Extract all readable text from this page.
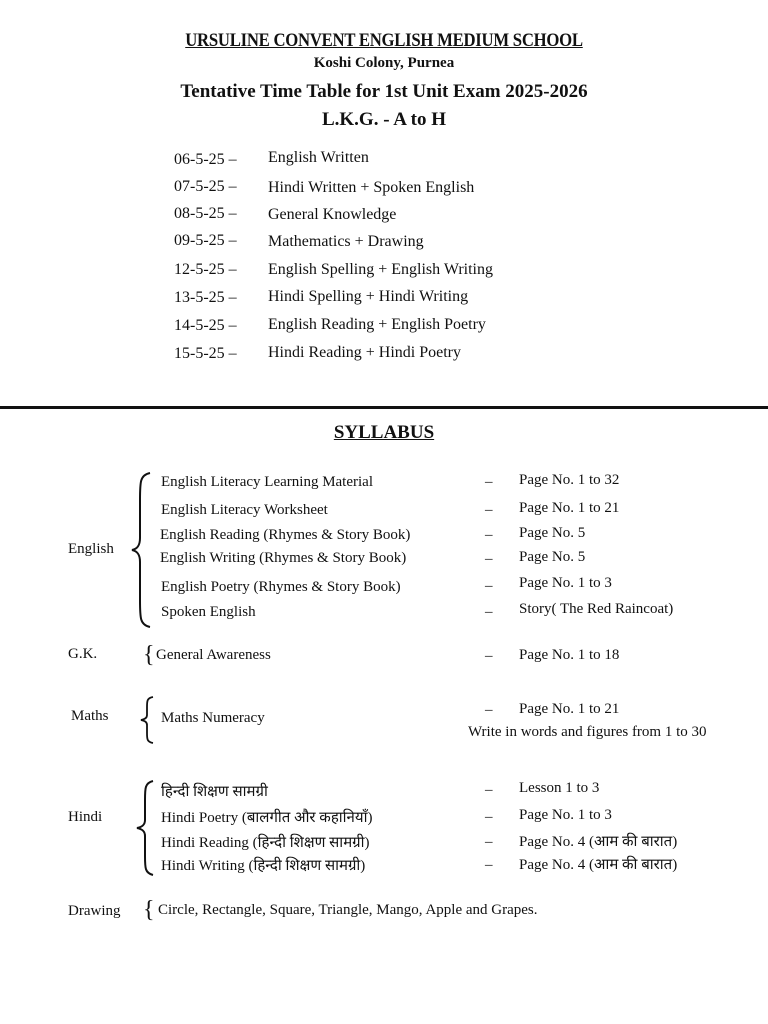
URSULINE CONVENT ENGLISH MEDIUM SCHOOL
Koshi Colony, Purnea
Tentative Time Table for 1st Unit Exam 2025-2026
L.K.G. - A to H
06-5-25 – English Written
07-5-25 – Hindi Written + Spoken English
08-5-25 – General Knowledge
09-5-25 – Mathematics + Drawing
12-5-25 – English Spelling + English Writing
13-5-25 – Hindi Spelling + Hindi Writing
14-5-25 – English Reading + English Poetry
15-5-25 – Hindi Reading + Hindi Poetry
SYLLABUS
English
English Literacy Learning Material	– Page No. 1 to 32
English Literacy Worksheet	– Page No. 1 to 21
English Reading (Rhymes & Story Book)	– Page No. 5
English Writing (Rhymes & Story Book)	– Page No. 5
English Poetry (Rhymes & Story Book)	– Page No. 1 to 3
Spoken English	– Story( The Red Raincoat)
G.K. { General Awareness	– Page No. 1 to 18
Maths	Maths Numeracy	– Page No. 1 to 21
Write in words and figures from 1 to 30
Hindi
हिन्दी शिक्षण सामग्री	– Lesson 1 to 3
Hindi Poetry (बालगीत और कहानियाँ)	– Page No. 1 to 3
Hindi Reading (हिन्दी शिक्षण सामग्री)	– Page No. 4 (आम की बारात)
Hindi Writing (हिन्दी शिक्षण सामग्री)	– Page No. 4 (आम की बारात)
Drawing { Circle, Rectangle, Square, Triangle, Mango, Apple and Grapes.
